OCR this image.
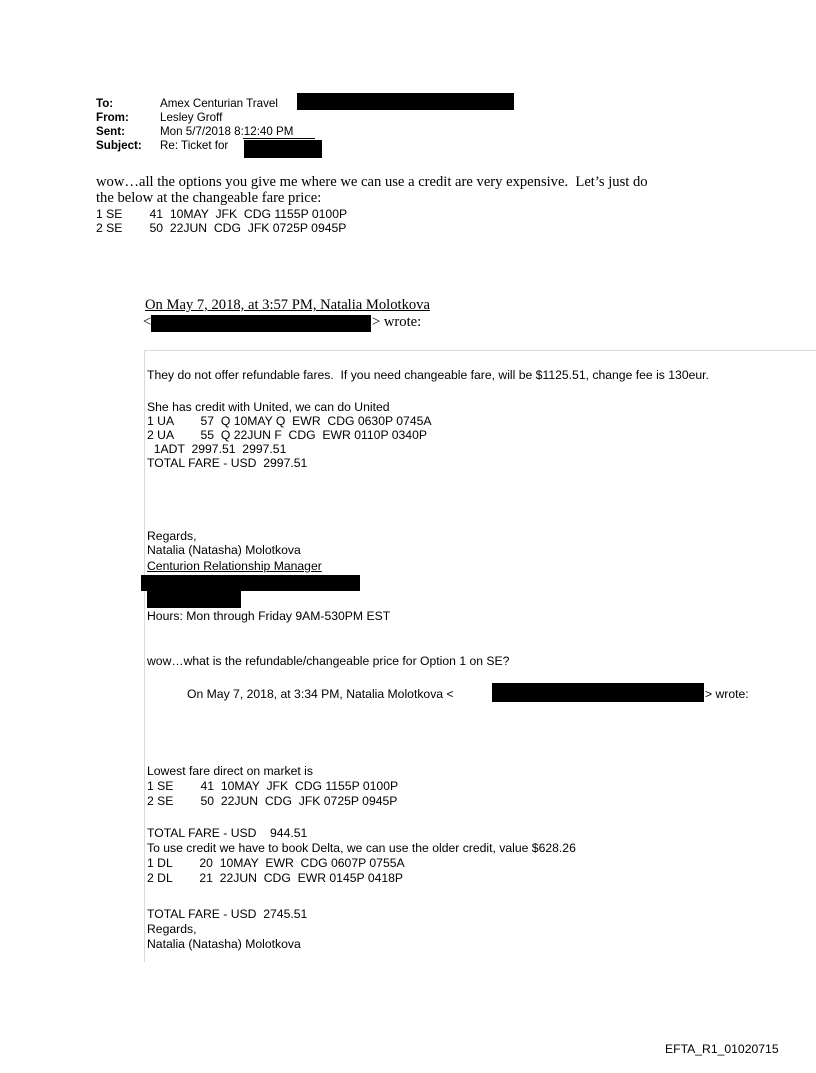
To:	Amex Centurian Travel
From:	Lesley Groff
Sent:	Mon 5/7/2018 8:12:40 PM
Subject: Re: Ticket for
wow…all the options you give me where we can use a credit are very expensive.  Let’s just do
the below at the changeable fare price:
1 SE        41  10MAY  JFK  CDG 1155P 0100P
2 SE        50  22JUN  CDG  JFK 0725P 0945P
On May 7, 2018, at 3:57 PM, Natalia Molotkova
<	> wrote:
They do not offer refundable fares.  If you need changeable fare, will be $1125.51, change fee is 130eur.
She has credit with United, we can do United
1 UA        57  Q 10MAY Q  EWR  CDG 0630P 0745A
2 UA        55  Q 22JUN F  CDG  EWR 0110P 0340P
1ADT  2997.51  2997.51
TOTAL FARE - USD  2997.51
Regards,
Natalia (Natasha) Molotkova
Centurion Relationship Manager
Hours: Mon through Friday 9AM-530PM EST
wow…what is the refundable/changeable price for Option 1 on SE?
On May 7, 2018, at 3:34 PM, Natalia Molotkova <	> wrote:
Lowest fare direct on market is
1 SE        41  10MAY  JFK  CDG 1155P 0100P
2 SE        50  22JUN  CDG  JFK 0725P 0945P
TOTAL FARE - USD    944.51
To use credit we have to book Delta, we can use the older credit, value $628.26
1 DL        20  10MAY  EWR  CDG 0607P 0755A
2 DL        21  22JUN  CDG  EWR 0145P 0418P
TOTAL FARE - USD  2745.51
Regards,
Natalia (Natasha) Molotkova
EFTA_R1_01020715
